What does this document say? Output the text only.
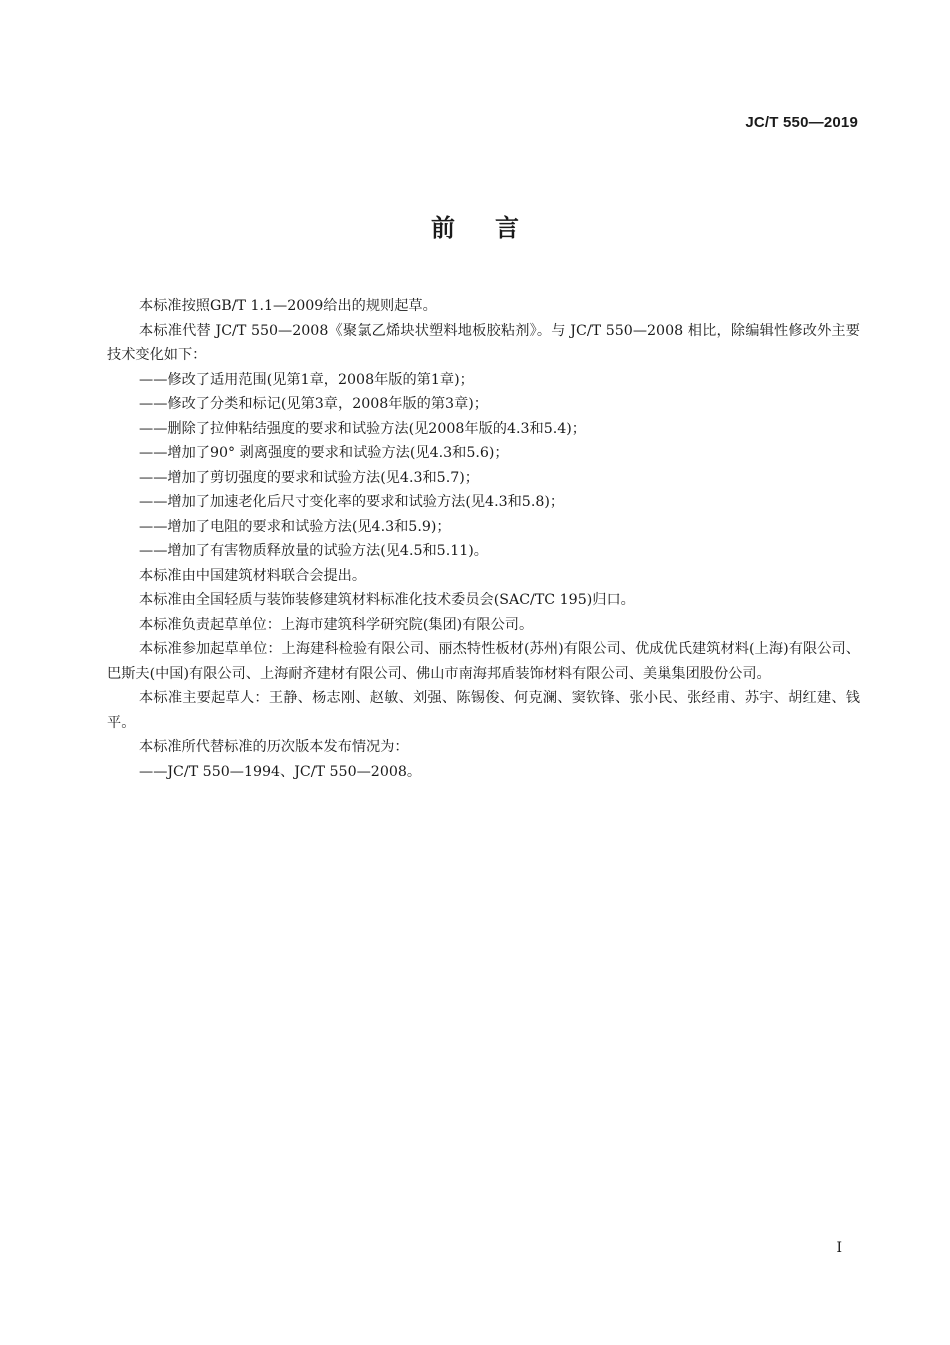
JC/T 550—2019
前言

本标准按照GB/T 1.1—2009给出的规则起草。

本标准代替 JC/T 550—2008《聚氯乙烯块状塑料地板胶粘剂》。与 JC/T 550—2008 相比，除编辑性修改外主要技术变化如下：

——修改了适用范围(见第1章，2008年版的第1章)；

——修改了分类和标记(见第3章，2008年版的第3章)；

——删除了拉伸粘结强度的要求和试验方法(见2008年版的4.3和5.4)；

——增加了90° 剥离强度的要求和试验方法(见4.3和5.6)；

——增加了剪切强度的要求和试验方法(见4.3和5.7)；

——增加了加速老化后尺寸变化率的要求和试验方法(见4.3和5.8)；

——增加了电阻的要求和试验方法(见4.3和5.9)；

——增加了有害物质释放量的试验方法(见4.5和5.11)。

本标准由中国建筑材料联合会提出。

本标准由全国轻质与装饰装修建筑材料标准化技术委员会(SAC/TC 195)归口。

本标准负责起草单位：上海市建筑科学研究院(集团)有限公司。

本标准参加起草单位：上海建科检验有限公司、丽杰特性板材(苏州)有限公司、优成优氏建筑材料(上海)有限公司、巴斯夫(中国)有限公司、上海耐齐建材有限公司、佛山市南海邦盾装饰材料有限公司、美巢集团股份公司。

本标准主要起草人：王静、杨志刚、赵敏、刘强、陈锡俊、何克澜、窦钦锋、张小民、张经甫、苏宇、胡红建、钱平。

本标准所代替标准的历次版本发布情况为：

——JC/T 550—1994、JC/T 550—2008。

I
